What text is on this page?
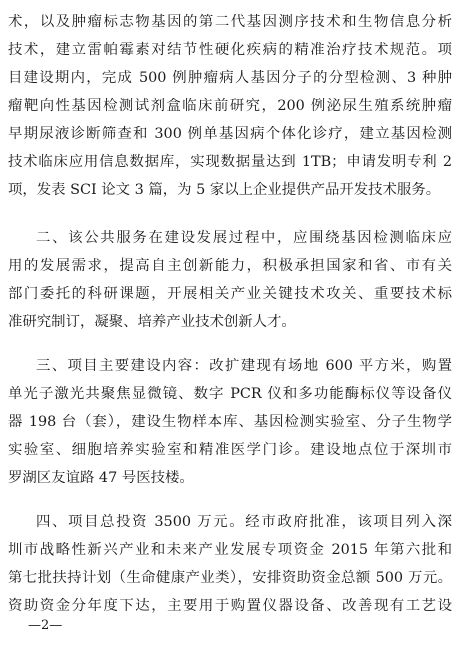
术，以及肿瘤标志物基因的第二代基因测序技术和生物信息分析
技术，建立雷帕霉素对结节性硬化疾病的精准治疗技术规范。项
目建设期内，完成 500 例肿瘤病人基因分子的分型检测、3 种肿
瘤靶向性基因检测试剂盒临床前研究，200 例泌尿生殖系统肿瘤
早期尿液诊断筛查和 300 例单基因病个体化诊疗，建立基因检测
技术临床应用信息数据库，实现数据量达到 1TB；申请发明专利 2
项，发表 SCI 论文 3 篇，为 5 家以上企业提供产品开发技术服务。
二、该公共服务在建设发展过程中，应围绕基因检测临床应
用的发展需求，提高自主创新能力，积极承担国家和省、市有关
部门委托的科研课题，开展相关产业关键技术攻关、重要技术标
准研究制订，凝聚、培养产业技术创新人才。
三、项目主要建设内容：改扩建现有场地 600 平方米，购置
单光子激光共聚焦显微镜、数字 PCR 仪和多功能酶标仪等设备仪
器 198 台（套），建设生物样本库、基因检测实验室、分子生物学
实验室、细胞培养实验室和精准医学门诊。建设地点位于深圳市
罗湖区友谊路 47 号医技楼。
四、项目总投资 3500 万元。经市政府批准，该项目列入深
圳市战略性新兴产业和未来产业发展专项资金 2015 年第六批和
第七批扶持计划（生命健康产业类），安排资助资金总额 500 万元。
资助资金分年度下达，主要用于购置仪器设备、改善现有工艺设
—2—
